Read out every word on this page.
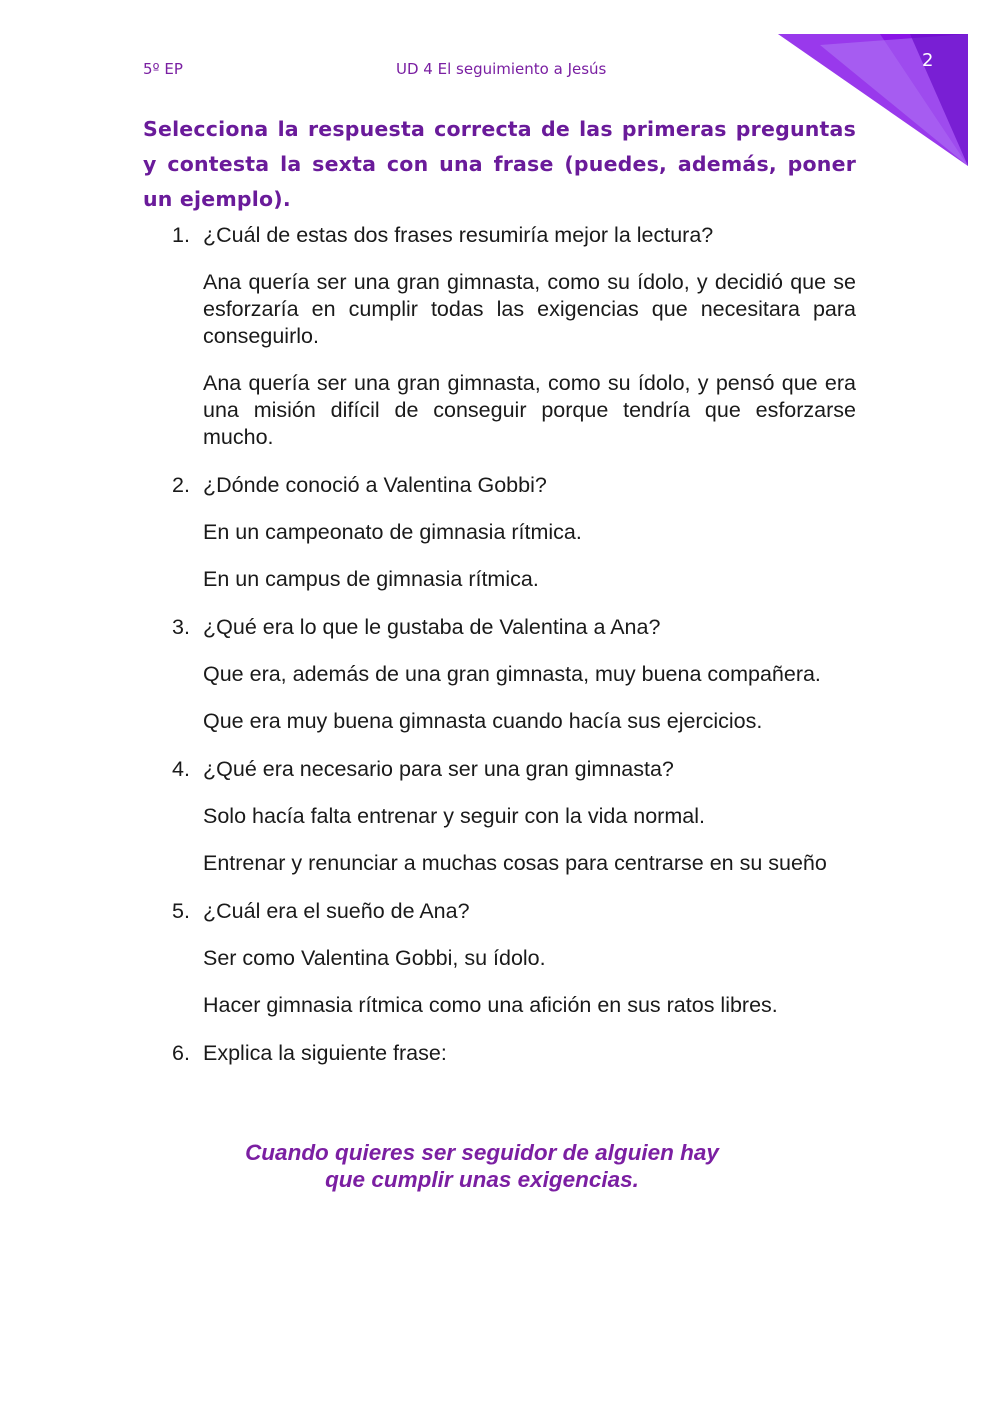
5º EP	UD 4 El seguimiento a Jesús	2
Selecciona la respuesta correcta de las primeras preguntas y contesta la sexta con una frase (puedes, además, poner un ejemplo).
1. ¿Cuál de estas dos frases resumiría mejor la lectura?
Ana quería ser una gran gimnasta, como su ídolo, y decidió que se esforzaría en cumplir todas las exigencias que necesitara para conseguirlo.
Ana quería ser una gran gimnasta, como su ídolo, y pensó que era una misión difícil de conseguir porque tendría que esforzarse mucho.
2. ¿Dónde conoció a Valentina Gobbi?
En un campeonato de gimnasia rítmica.
En un campus de gimnasia rítmica.
3. ¿Qué era lo que le gustaba de Valentina a Ana?
Que era, además de una gran gimnasta, muy buena compañera.
Que era muy buena gimnasta cuando hacía sus ejercicios.
4. ¿Qué era necesario para ser una gran gimnasta?
Solo hacía falta entrenar y seguir con la vida normal.
Entrenar y renunciar a muchas cosas para centrarse en su sueño
5. ¿Cuál era el sueño de Ana?
Ser como Valentina Gobbi, su ídolo.
Hacer gimnasia rítmica como una afición en sus ratos libres.
6. Explica la siguiente frase:
Cuando quieres ser seguidor de alguien hay
que cumplir unas exigencias.
